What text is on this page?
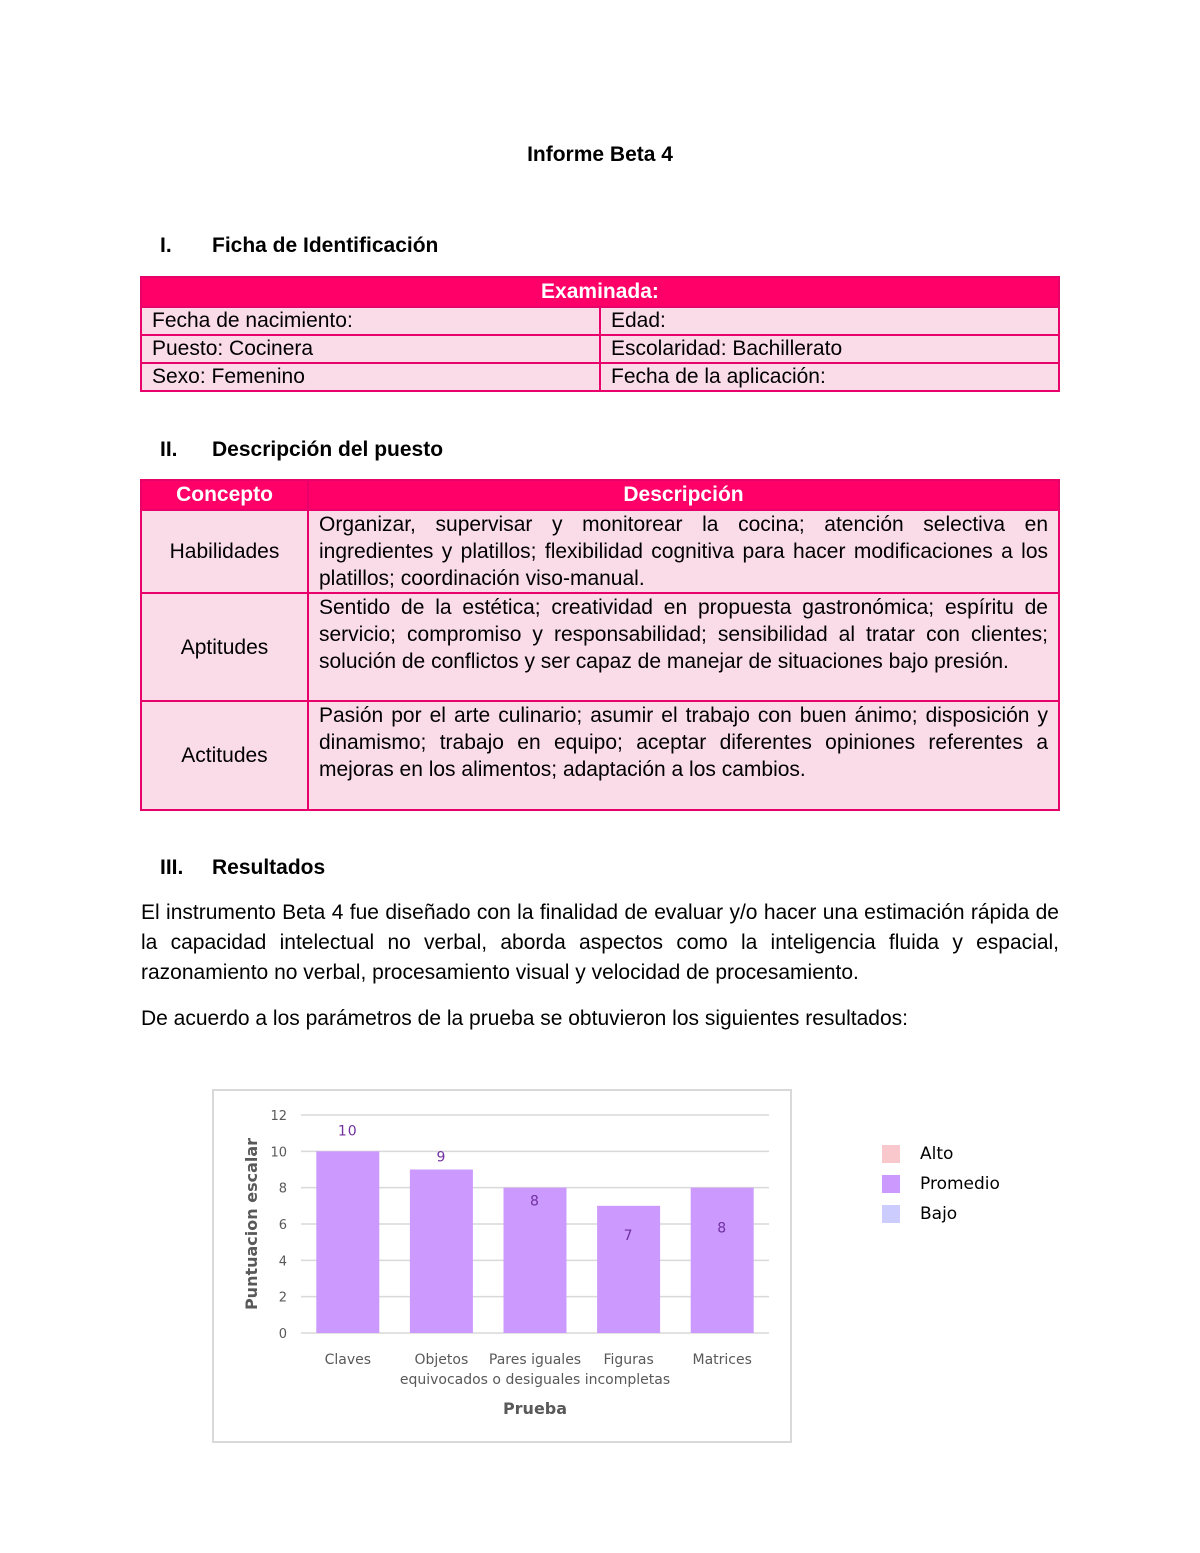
Informe Beta 4
I. Ficha de Identificación
Examinada:	
Fecha de nacimiento:	Edad:
Puesto: Cocinera	Escolaridad: Bachillerato
Sexo: Femenino	Fecha de la aplicación:
II. Descripción del puesto
Concepto	Descripción
Habilidades	Organizar, supervisar y monitorear la cocina; atención selectiva en ingredientes y platillos; flexibilidad cognitiva para hacer modificaciones a los platillos; coordinación viso-manual.
Aptitudes	Sentido de la estética; creatividad en propuesta gastronómica; espíritu de servicio; compromiso y responsabilidad; sensibilidad al tratar con clientes; solución de conflictos y ser capaz de manejar de situaciones bajo presión.
Actitudes	Pasión por el arte culinario; asumir el trabajo con buen ánimo; disposición y dinamismo; trabajo en equipo; aceptar diferentes opiniones referentes a mejoras en los alimentos; adaptación a los cambios.
III. Resultados
El instrumento Beta 4 fue diseñado con la finalidad de evaluar y/o hacer una estimación rápida de la capacidad intelectual no verbal, aborda aspectos como la inteligencia fluida y espacial, razonamiento no verbal, procesamiento visual y velocidad de procesamiento.
De acuerdo a los parámetros de la prueba se obtuvieron los siguientes resultados:
0
2
4
6
8
10
12
10
9
8
7	8
Claves	Objetos Pares iguales Figuras	Matrices
equivocados o desiguales incompletas
Prueba
Puntuacion escalar	Alto
Promedio
Bajo
